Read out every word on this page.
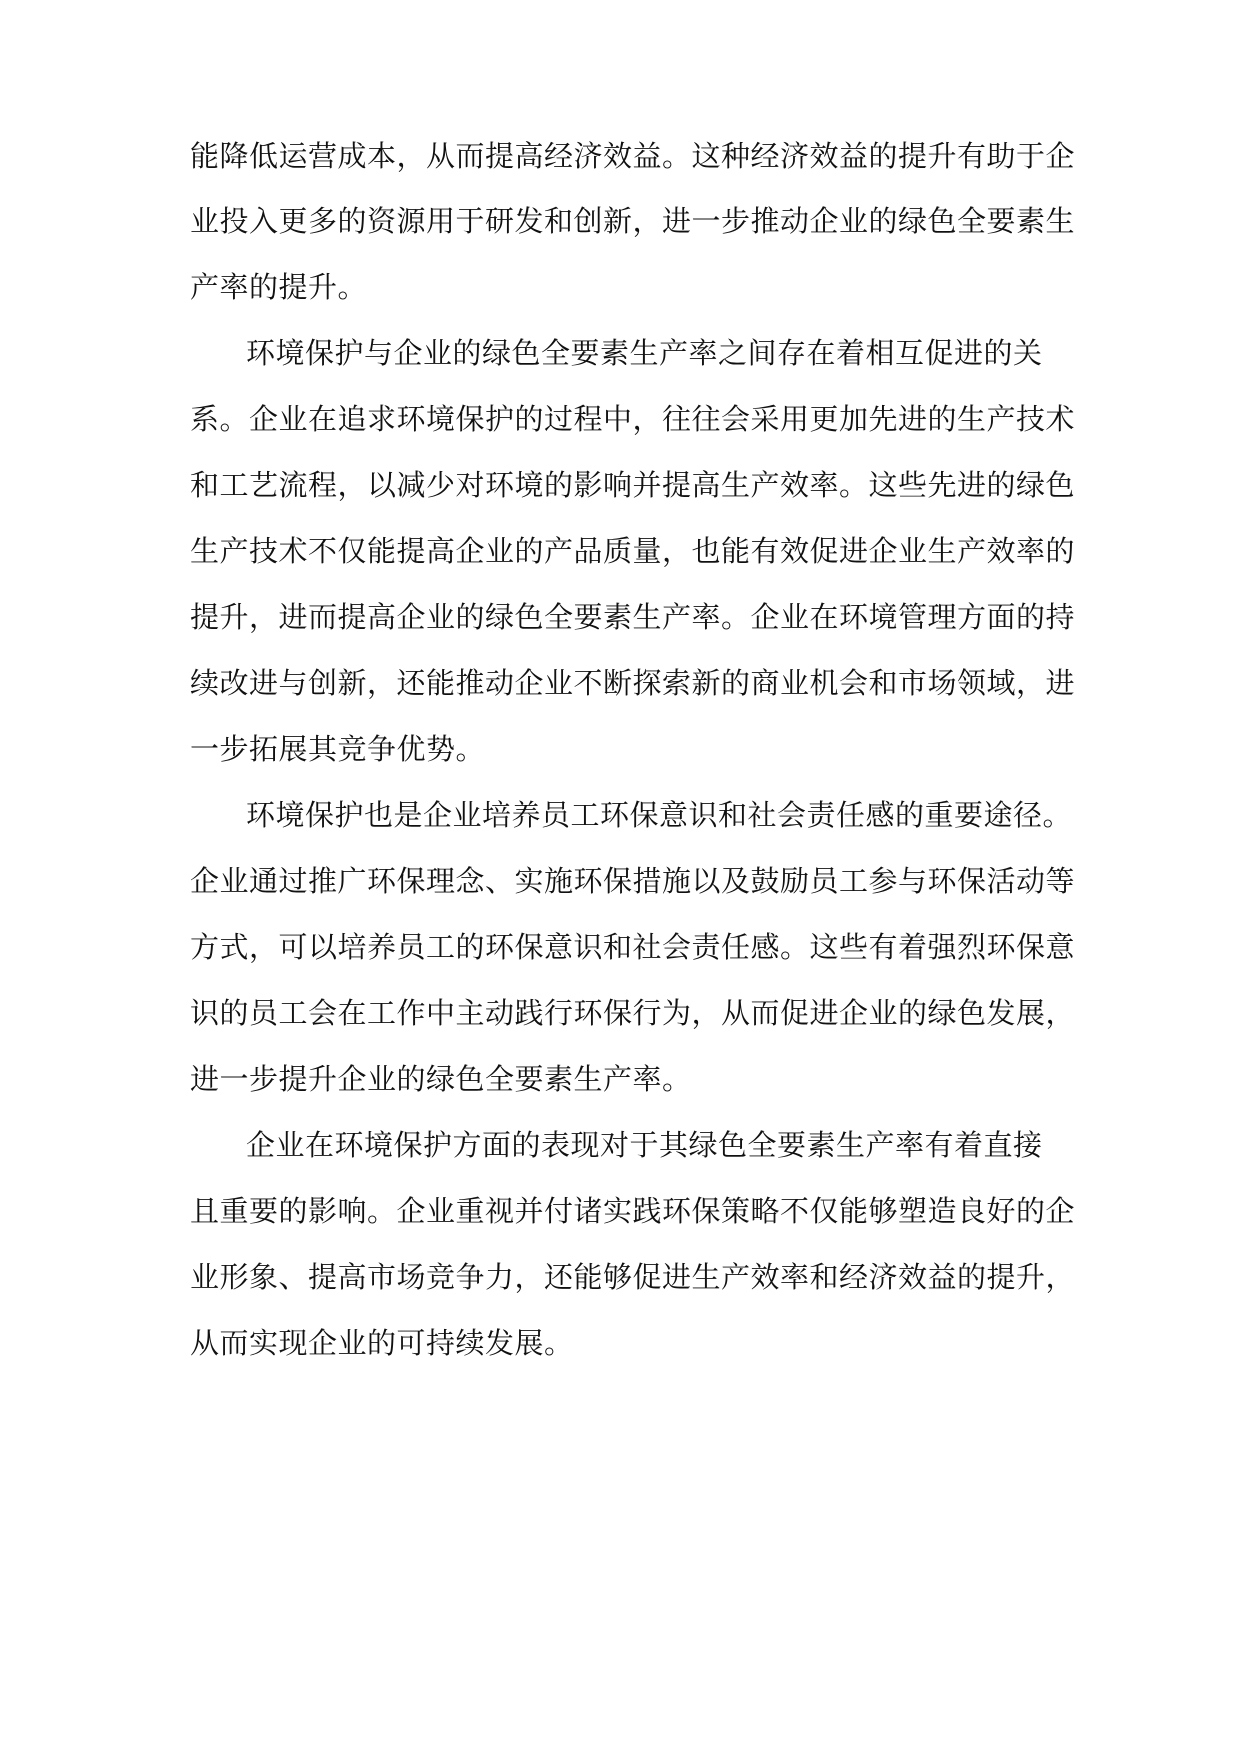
能降低运营成本，从而提高经济效益。这种经济效益的提升有助于企
业投入更多的资源用于研发和创新，进一步推动企业的绿色全要素生
产率的提升。
环境保护与企业的绿色全要素生产率之间存在着相互促进的关
系。企业在追求环境保护的过程中，往往会采用更加先进的生产技术
和工艺流程，以减少对环境的影响并提高生产效率。这些先进的绿色
生产技术不仅能提高企业的产品质量，也能有效促进企业生产效率的
提升，进而提高企业的绿色全要素生产率。企业在环境管理方面的持
续改进与创新，还能推动企业不断探索新的商业机会和市场领域，进
一步拓展其竞争优势。
环境保护也是企业培养员工环保意识和社会责任感的重要途径。
企业通过推广环保理念、实施环保措施以及鼓励员工参与环保活动等
方式，可以培养员工的环保意识和社会责任感。这些有着强烈环保意
识的员工会在工作中主动践行环保行为，从而促进企业的绿色发展，
进一步提升企业的绿色全要素生产率。
企业在环境保护方面的表现对于其绿色全要素生产率有着直接
且重要的影响。企业重视并付诸实践环保策略不仅能够塑造良好的企
业形象、提高市场竞争力，还能够促进生产效率和经济效益的提升，
从而实现企业的可持续发展。
